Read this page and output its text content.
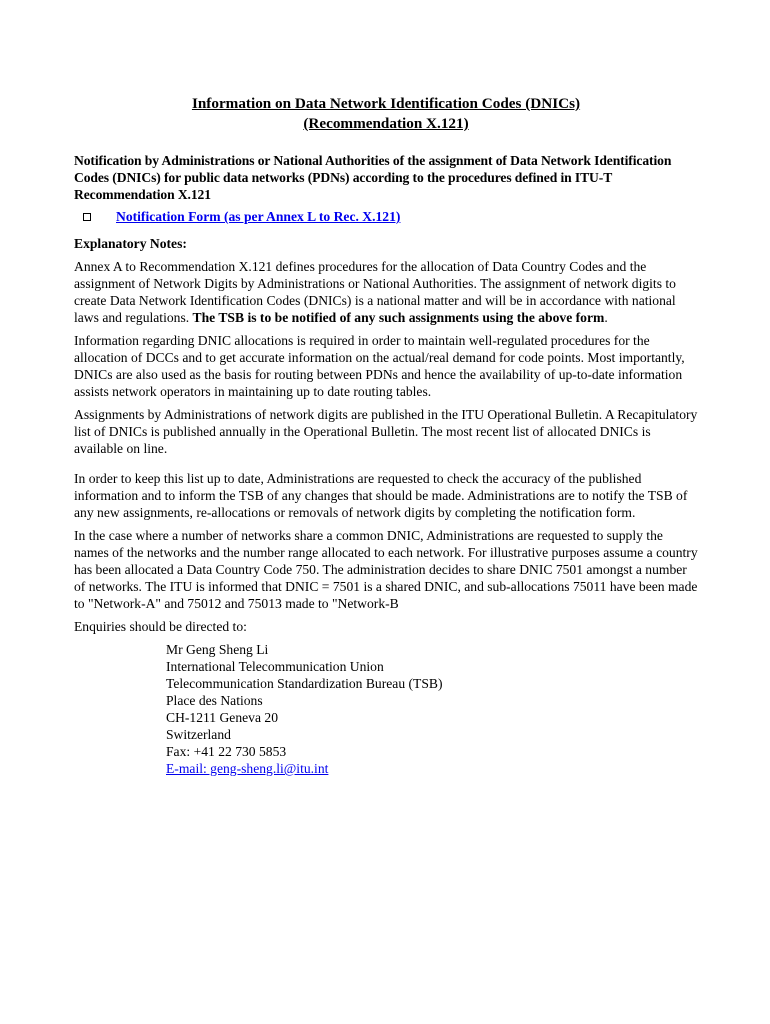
Information on Data Network Identification Codes (DNICs)
(Recommendation X.121)
Notification by Administrations or National Authorities of the assignment of Data Network Identification Codes (DNICs) for public data networks (PDNs) according to the procedures defined in ITU-T Recommendation X.121
Notification Form (as per Annex L to Rec. X.121)
Explanatory Notes:

Annex A to Recommendation X.121 defines procedures for the allocation of Data Country Codes and the assignment of Network Digits by Administrations or National Authorities. The assignment of network digits to create Data Network Identification Codes (DNICs) is a national matter and will be in accordance with national laws and regulations. The TSB is to be notified of any such assignments using the above form.

Information regarding DNIC allocations is required in order to maintain well-regulated procedures for the allocation of DCCs and to get accurate information on the actual/real demand for code points. Most importantly, DNICs are also used as the basis for routing between PDNs and hence the availability of up-to-date information assists network operators in maintaining up to date routing tables.

Assignments by Administrations of network digits are published in the ITU Operational Bulletin. A Recapitulatory list of DNICs is published annually in the Operational Bulletin. The most recent list of allocated DNICs is available on line.

In order to keep this list up to date, Administrations are requested to check the accuracy of the published information and to inform the TSB of any changes that should be made. Administrations are to notify the TSB of any new assignments, re-allocations or removals of network digits by completing the notification form.

In the case where a number of networks share a common DNIC, Administrations are requested to supply the names of the networks and the number range allocated to each network. For illustrative purposes assume a country has been allocated a Data Country Code 750. The administration decides to share DNIC 7501 amongst a number of networks. The ITU is informed that DNIC = 7501 is a shared DNIC, and sub-allocations 75011 have been made to "Network-A" and 75012 and 75013 made to "Network-B

Enquiries should be directed to:

Mr Geng Sheng Li
International Telecommunication Union
Telecommunication Standardization Bureau (TSB)
Place des Nations
CH-1211 Geneva 20
Switzerland
Fax: +41 22 730 5853
E-mail: geng-sheng.li@itu.int
